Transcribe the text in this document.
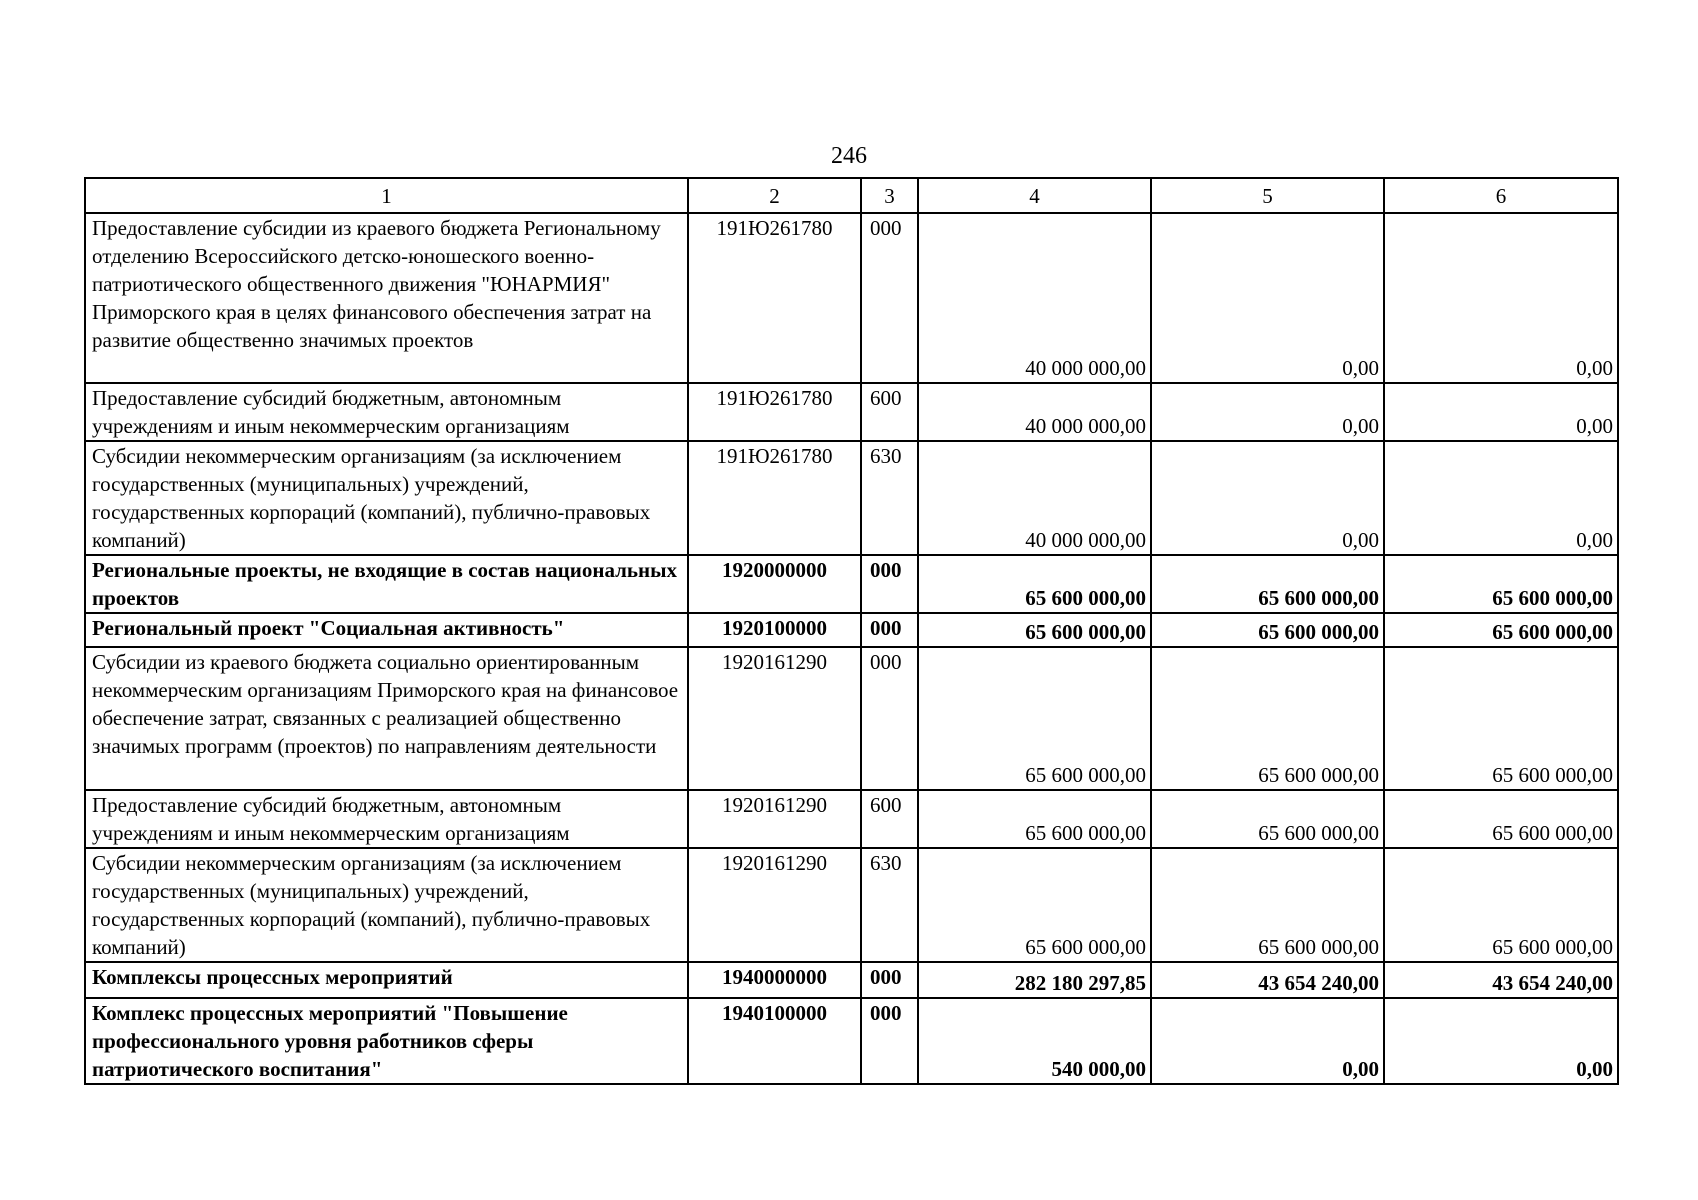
246
1	2	3	4	5	6
Предоставление субсидии из краевого бюджета Региональному отделению Всероссийского детско-юношеского военно-патриотического общественного движения "ЮНАРМИЯ" Приморского края в целях финансового обеспечения затрат на развитие общественно значимых проектов	191Ю261780	000	40 000 000,00	0,00	0,00
Предоставление субсидий бюджетным, автономным учреждениям и иным некоммерческим организациям	191Ю261780	600	40 000 000,00	0,00	0,00
Субсидии некоммерческим организациям (за исключением государственных (муниципальных) учреждений, государственных корпораций (компаний), публично-правовых компаний)	191Ю261780	630	40 000 000,00	0,00	0,00
Региональные проекты, не входящие в состав национальных проектов	1920000000	000	65 600 000,00	65 600 000,00	65 600 000,00
Региональный проект "Социальная активность"	1920100000	000	65 600 000,00	65 600 000,00	65 600 000,00
Субсидии из краевого бюджета социально ориентированным некоммерческим организациям Приморского края на финансовое обеспечение затрат, связанных с реализацией общественно значимых программ (проектов) по направлениям деятельности	1920161290	000	65 600 000,00	65 600 000,00	65 600 000,00
Предоставление субсидий бюджетным, автономным учреждениям и иным некоммерческим организациям	1920161290	600	65 600 000,00	65 600 000,00	65 600 000,00
Субсидии некоммерческим организациям (за исключением государственных (муниципальных) учреждений, государственных корпораций (компаний), публично-правовых компаний)	1920161290	630	65 600 000,00	65 600 000,00	65 600 000,00
Комплексы процессных мероприятий	1940000000	000	282 180 297,85	43 654 240,00	43 654 240,00
Комплекс процессных мероприятий "Повышение профессионального уровня работников сферы патриотического воспитания"	1940100000	000	540 000,00	0,00	0,00
